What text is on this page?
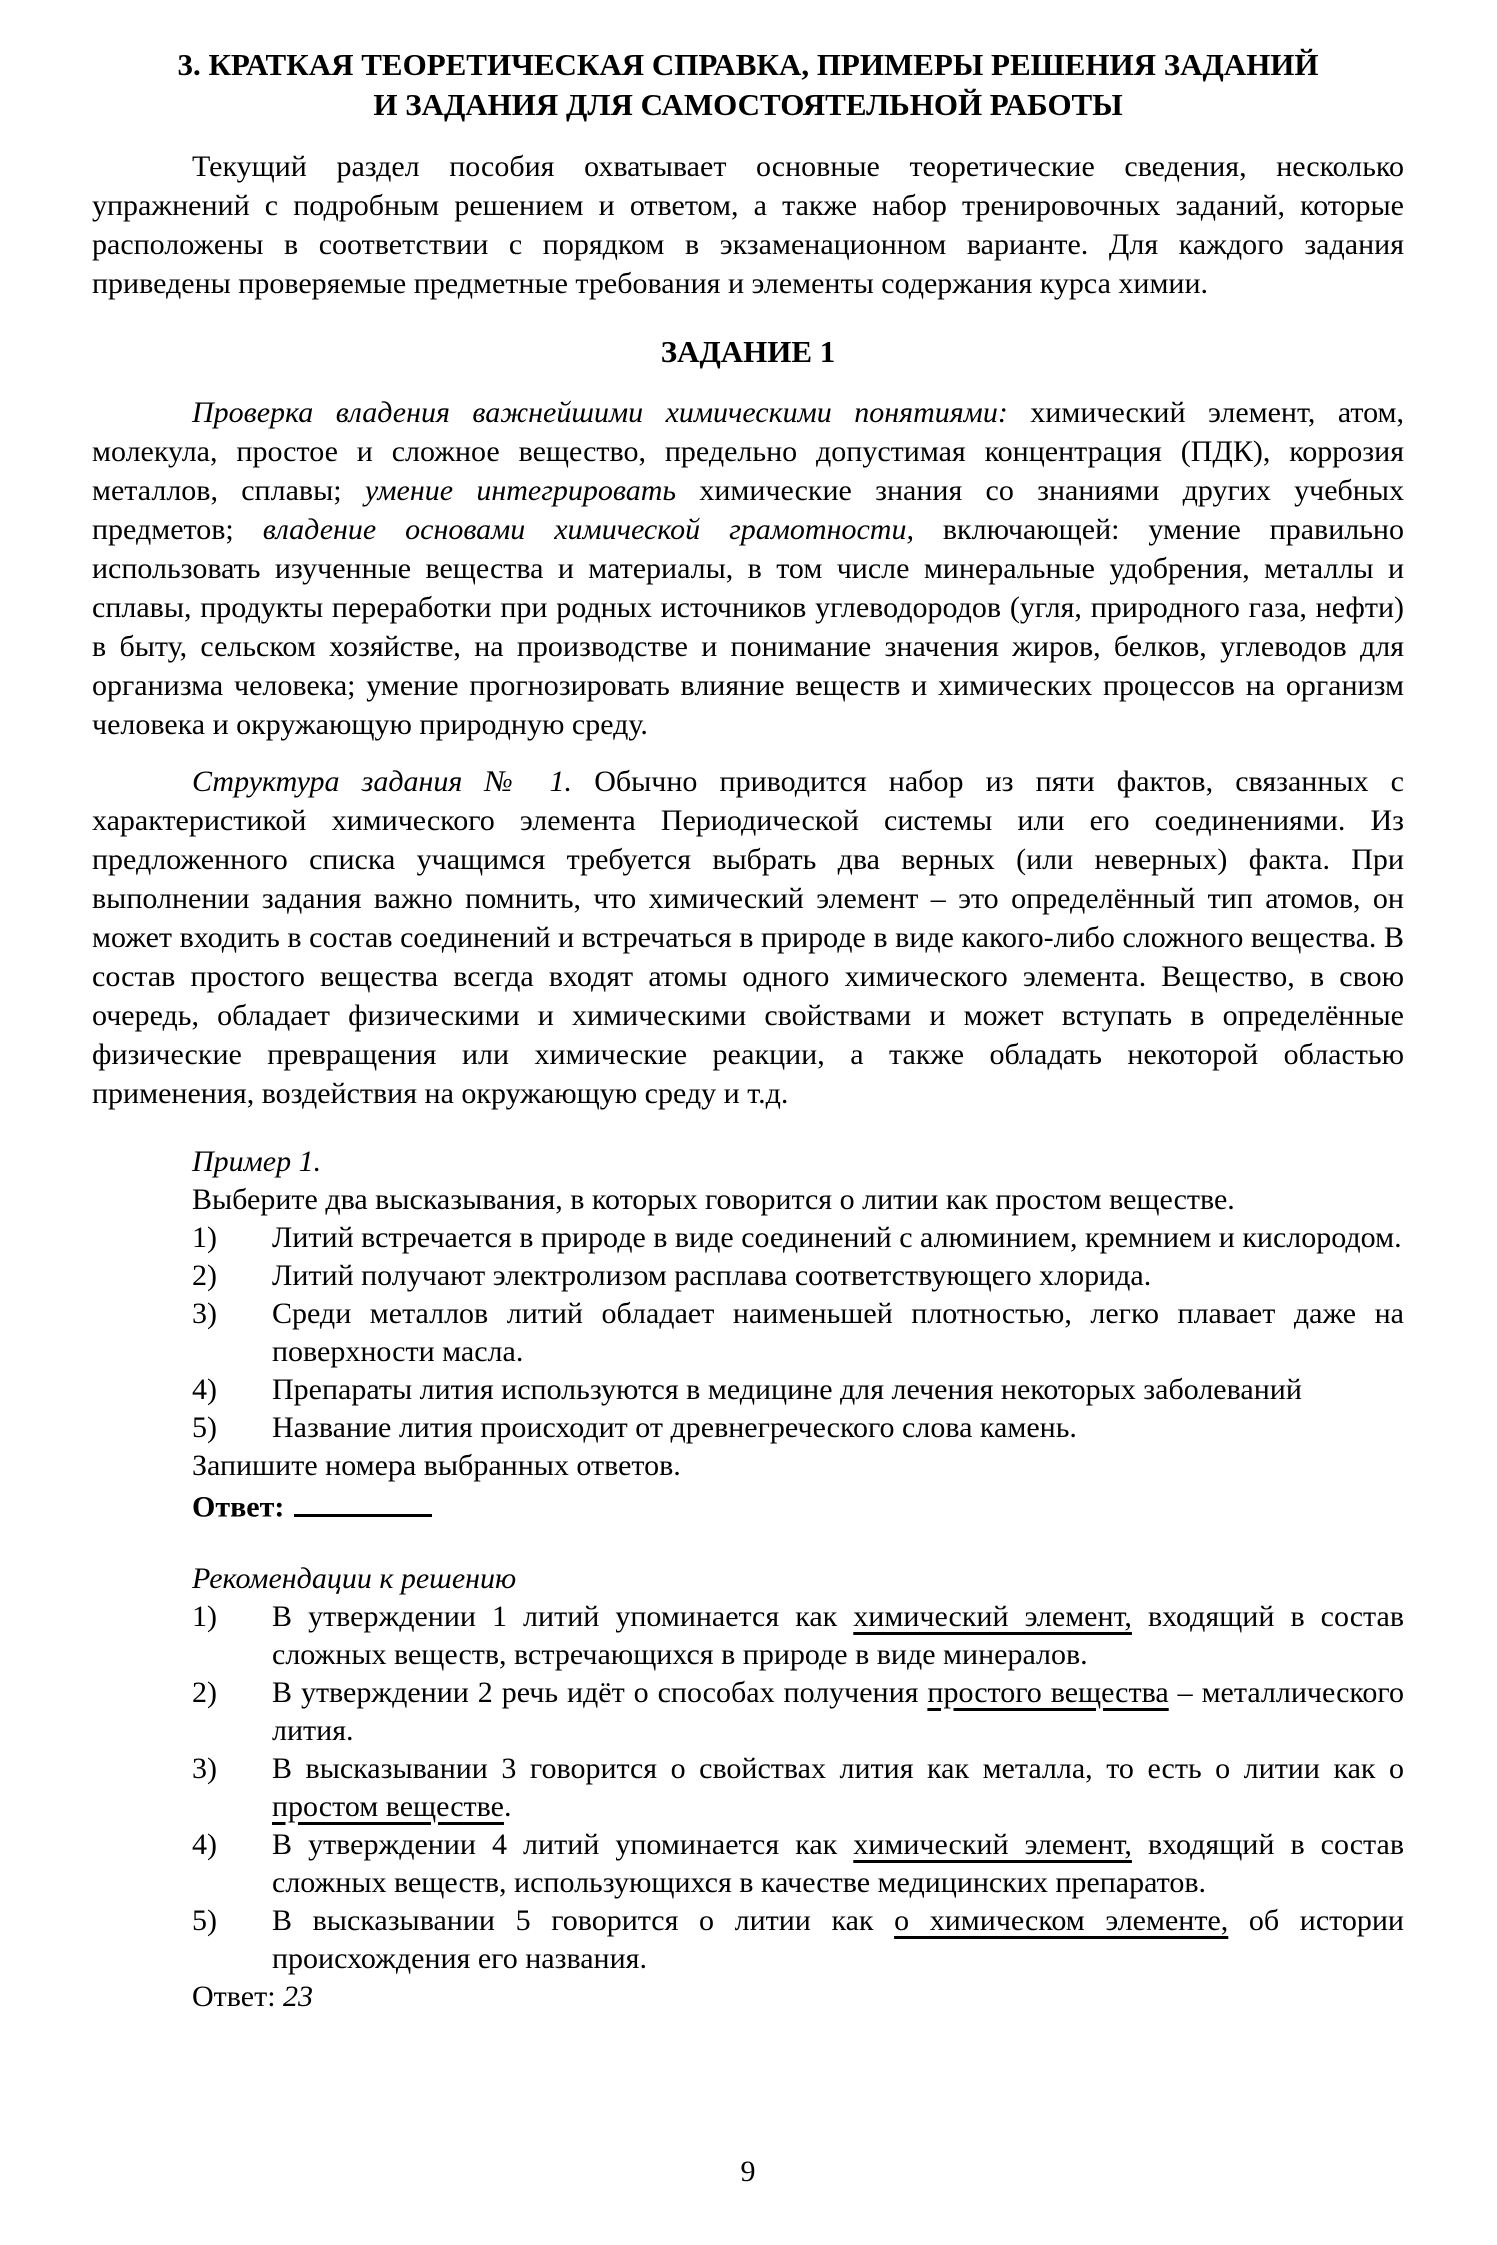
3. КРАТКАЯ ТЕОРЕТИЧЕСКАЯ СПРАВКА, ПРИМЕРЫ РЕШЕНИЯ ЗАДАНИЙ
И ЗАДАНИЯ ДЛЯ САМОСТОЯТЕЛЬНОЙ РАБОТЫ

Текущий раздел пособия охватывает основные теоретические сведения, несколько упражнений с подробным решением и ответом, а также набор тренировочных заданий, которые расположены в соответствии с порядком в экзаменационном варианте. Для каждого задания приведены проверяемые предметные требования и элементы содержания курса химии.

ЗАДАНИЕ 1

Проверка владения важнейшими химическими понятиями: химический элемент, атом, молекула, простое и сложное вещество, предельно допустимая концентрация (ПДК), коррозия металлов, сплавы; умение интегрировать химические знания со знаниями других учебных предметов; владение основами химической грамотности, включающей: умение правильно использовать изученные вещества и материалы, в том числе минеральные удобрения, металлы и сплавы, продукты переработки при родных источников углеводородов (угля, природного газа, нефти) в быту, сельском хозяйстве, на производстве и понимание значения жиров, белков, углеводов для организма человека; умение прогнозировать влияние веществ и химических процессов на организм человека и окружающую природную среду.

Структура задания № 1. Обычно приводится набор из пяти фактов, связанных с характеристикой химического элемента Периодической системы или его соединениями. Из предложенного списка учащимся требуется выбрать два верных (или неверных) факта. При выполнении задания важно помнить, что химический элемент – это определённый тип атомов, он может входить в состав соединений и встречаться в природе в виде какого-либо сложного вещества. В состав простого вещества всегда входят атомы одного химического элемента. Вещество, в свою очередь, обладает физическими и химическими свойствами и может вступать в определённые физические превращения или химические реакции, а также обладать некоторой областью применения, воздействия на окружающую среду и т.д.

Пример 1.

Выберите два высказывания, в которых говорится о литии как простом веществе.

1)	Литий встречается в природе в виде соединений с алюминием, кремнием и кислородом.
2)	Литий получают электролизом расплава соответствующего хлорида.
3)	Среди металлов литий обладает наименьшей плотностью, легко плавает даже на поверхности масла.
4)	Препараты лития используются в медицине для лечения некоторых заболеваний
5)	Название лития происходит от древнегреческого слова камень.

Запишите номера выбранных ответов.

Ответ:

Рекомендации к решению

1)	В утверждении 1 литий упоминается как химический элемент, входящий в состав сложных веществ, встречающихся в природе в виде минералов.
2)	В утверждении 2 речь идёт о способах получения простого вещества – металлического лития.
3)	В высказывании 3 говорится о свойствах лития как металла, то есть о литии как о простом веществе.
4)	В утверждении 4 литий упоминается как химический элемент, входящий в состав сложных веществ, использующихся в качестве медицинских препаратов.
5)	В высказывании 5 говорится о литии как о химическом элементе, об истории происхождения его названия.

Ответ: 23

9
